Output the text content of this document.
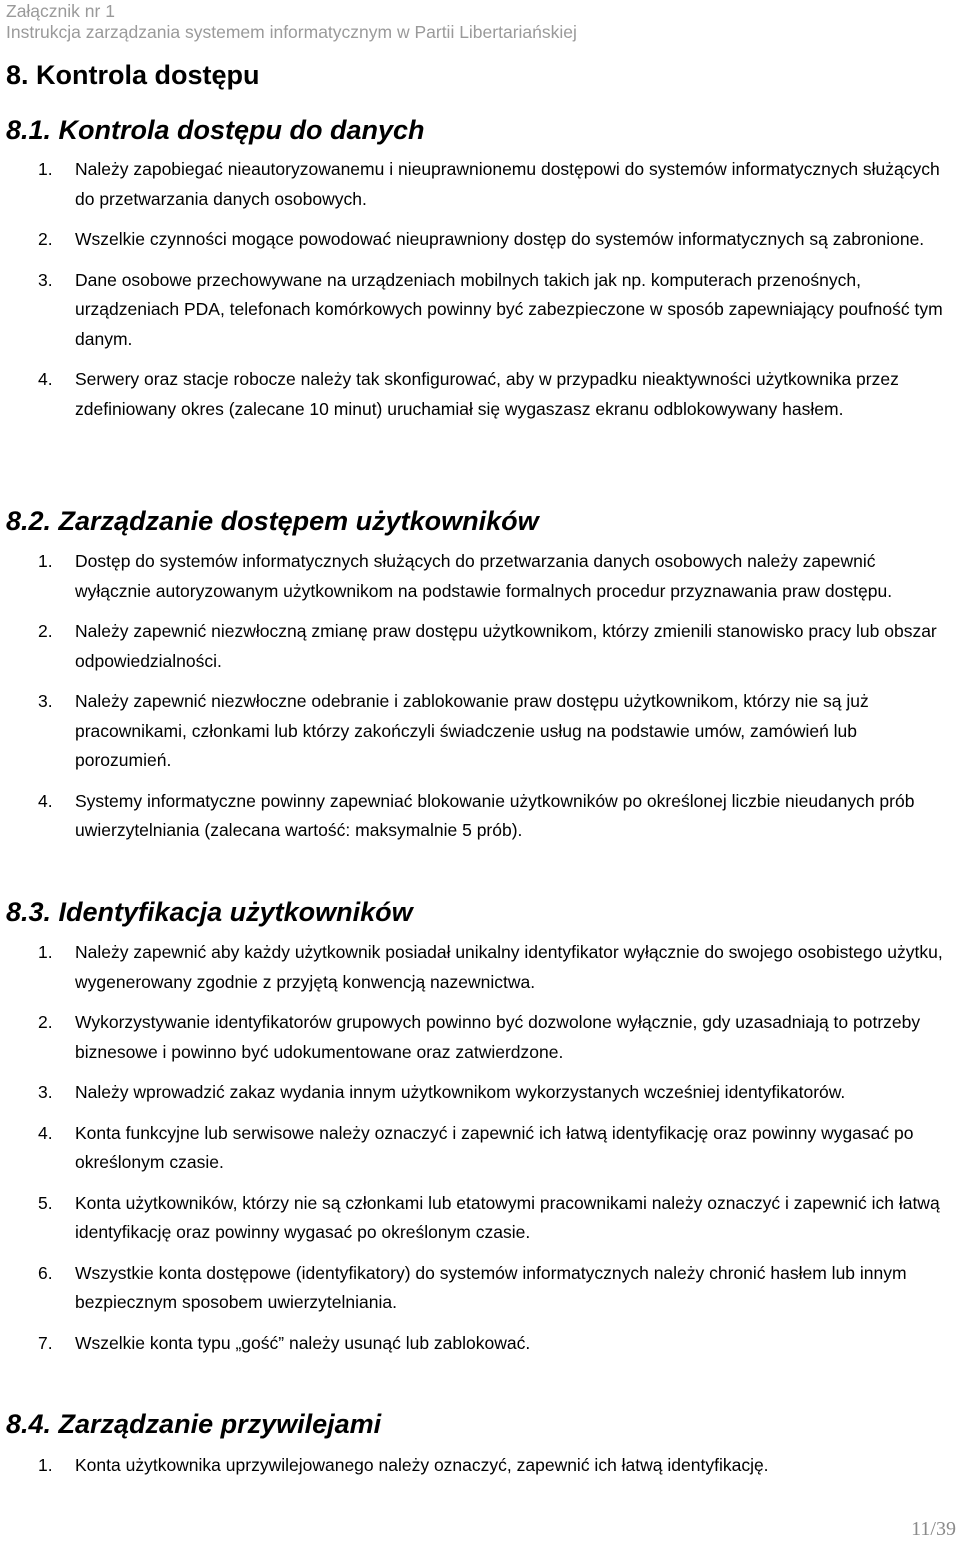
Załącznik nr 1
Instrukcja zarządzania systemem informatycznym w Partii Libertariańskiej
8. Kontrola dostępu
8.1. Kontrola dostępu do danych
1. Należy zapobiegać nieautoryzowanemu i nieuprawnionemu dostępowi do systemów informatycznych służących do przetwarzania danych osobowych.
2. Wszelkie czynności mogące powodować nieuprawniony dostęp do systemów informatycznych są zabronione.
3. Dane osobowe przechowywane na urządzeniach mobilnych takich jak np. komputerach przenośnych, urządzeniach PDA, telefonach komórkowych powinny być zabezpieczone w sposób zapewniający poufność tym danym.
4. Serwery oraz stacje robocze należy tak skonfigurować, aby w przypadku nieaktywności użytkownika przez zdefiniowany okres (zalecane 10 minut) uruchamiał się wygaszasz ekranu odblokowywany hasłem.
8.2. Zarządzanie dostępem użytkowników
1. Dostęp do systemów informatycznych służących do przetwarzania danych osobowych należy zapewnić wyłącznie autoryzowanym użytkownikom na podstawie formalnych procedur przyznawania praw dostępu.
2. Należy zapewnić niezwłoczną zmianę praw dostępu użytkownikom, którzy zmienili stanowisko pracy lub obszar odpowiedzialności.
3. Należy zapewnić niezwłoczne odebranie i zablokowanie praw dostępu użytkownikom, którzy nie są już pracownikami, członkami lub którzy zakończyli świadczenie usług na podstawie umów, zamówień lub porozumień.
4. Systemy informatyczne powinny zapewniać blokowanie użytkowników po określonej liczbie nieudanych prób uwierzytelniania (zalecana wartość: maksymalnie 5 prób).
8.3. Identyfikacja użytkowników
1. Należy zapewnić aby każdy użytkownik posiadał unikalny identyfikator wyłącznie do swojego osobistego użytku, wygenerowany zgodnie z przyjętą konwencją nazewnictwa.
2. Wykorzystywanie identyfikatorów grupowych powinno być dozwolone wyłącznie, gdy uzasadniają to potrzeby biznesowe i powinno być udokumentowane oraz zatwierdzone.
3. Należy wprowadzić zakaz wydania innym użytkownikom wykorzystanych wcześniej identyfikatorów.
4. Konta funkcyjne lub serwisowe należy oznaczyć i zapewnić ich łatwą identyfikację oraz powinny wygasać po określonym czasie.
5. Konta użytkowników, którzy nie są członkami lub etatowymi pracownikami należy oznaczyć i zapewnić ich łatwą identyfikację oraz powinny wygasać po określonym czasie.
6. Wszystkie konta dostępowe (identyfikatory) do systemów informatycznych należy chronić hasłem lub innym bezpiecznym sposobem uwierzytelniania.
7. Wszelkie konta typu „gość” należy usunąć lub zablokować.
8.4. Zarządzanie przywilejami
1. Konta użytkownika uprzywilejowanego należy oznaczyć, zapewnić ich łatwą identyfikację.
11/39
